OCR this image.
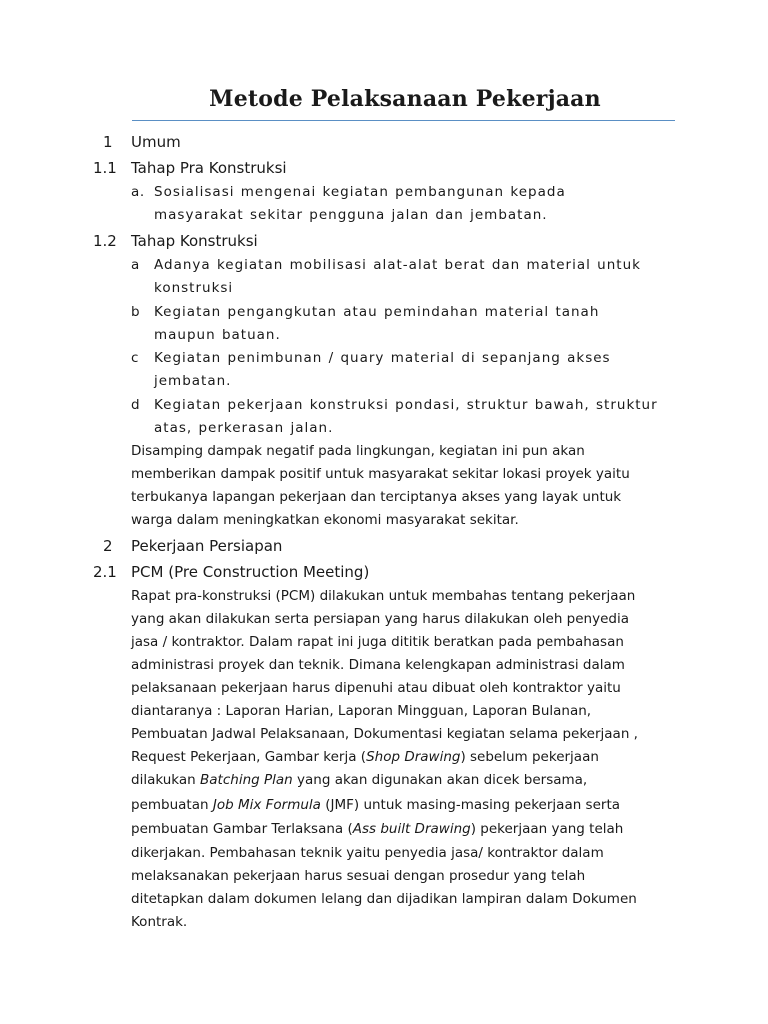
Metode Pelaksanaan Pekerjaan
1 Umum
1.1 Tahap Pra Konstruksi
a. Sosialisasi mengenai kegiatan pembangunan kepada
masyarakat sekitar pengguna jalan dan jembatan.
1.2 Tahap Konstruksi
a Adanya kegiatan mobilisasi alat-alat berat dan material untuk
konstruksi
b Kegiatan pengangkutan atau pemindahan material tanah
maupun batuan.
c Kegiatan penimbunan / quary material di sepanjang akses
jembatan.
d Kegiatan pekerjaan konstruksi pondasi, struktur bawah, struktur
atas, perkerasan jalan.
Disamping dampak negatif pada lingkungan, kegiatan ini pun akan
memberikan dampak positif untuk masyarakat sekitar lokasi proyek yaitu
terbukanya lapangan pekerjaan dan terciptanya akses yang layak untuk
warga dalam meningkatkan ekonomi masyarakat sekitar.
2 Pekerjaan Persiapan
2.1 PCM (Pre Construction Meeting)
Rapat pra-konstruksi (PCM) dilakukan untuk membahas tentang pekerjaan
yang akan dilakukan serta persiapan yang harus dilakukan oleh penyedia
jasa / kontraktor. Dalam rapat ini juga dititik beratkan pada pembahasan
administrasi proyek dan teknik. Dimana kelengkapan administrasi dalam
pelaksanaan pekerjaan harus dipenuhi atau dibuat oleh kontraktor yaitu
diantaranya : Laporan Harian, Laporan Mingguan, Laporan Bulanan,
Pembuatan Jadwal Pelaksanaan, Dokumentasi kegiatan selama pekerjaan ,
Request Pekerjaan, Gambar kerja (Shop Drawing) sebelum pekerjaan
dilakukan Batching Plan yang akan digunakan akan dicek bersama,
pembuatan Job Mix Formula (JMF) untuk masing-masing pekerjaan serta
pembuatan Gambar Terlaksana (Ass built Drawing) pekerjaan yang telah
dikerjakan. Pembahasan teknik yaitu penyedia jasa/ kontraktor dalam
melaksanakan pekerjaan harus sesuai dengan prosedur yang telah
ditetapkan dalam dokumen lelang dan dijadikan lampiran dalam Dokumen
Kontrak.
